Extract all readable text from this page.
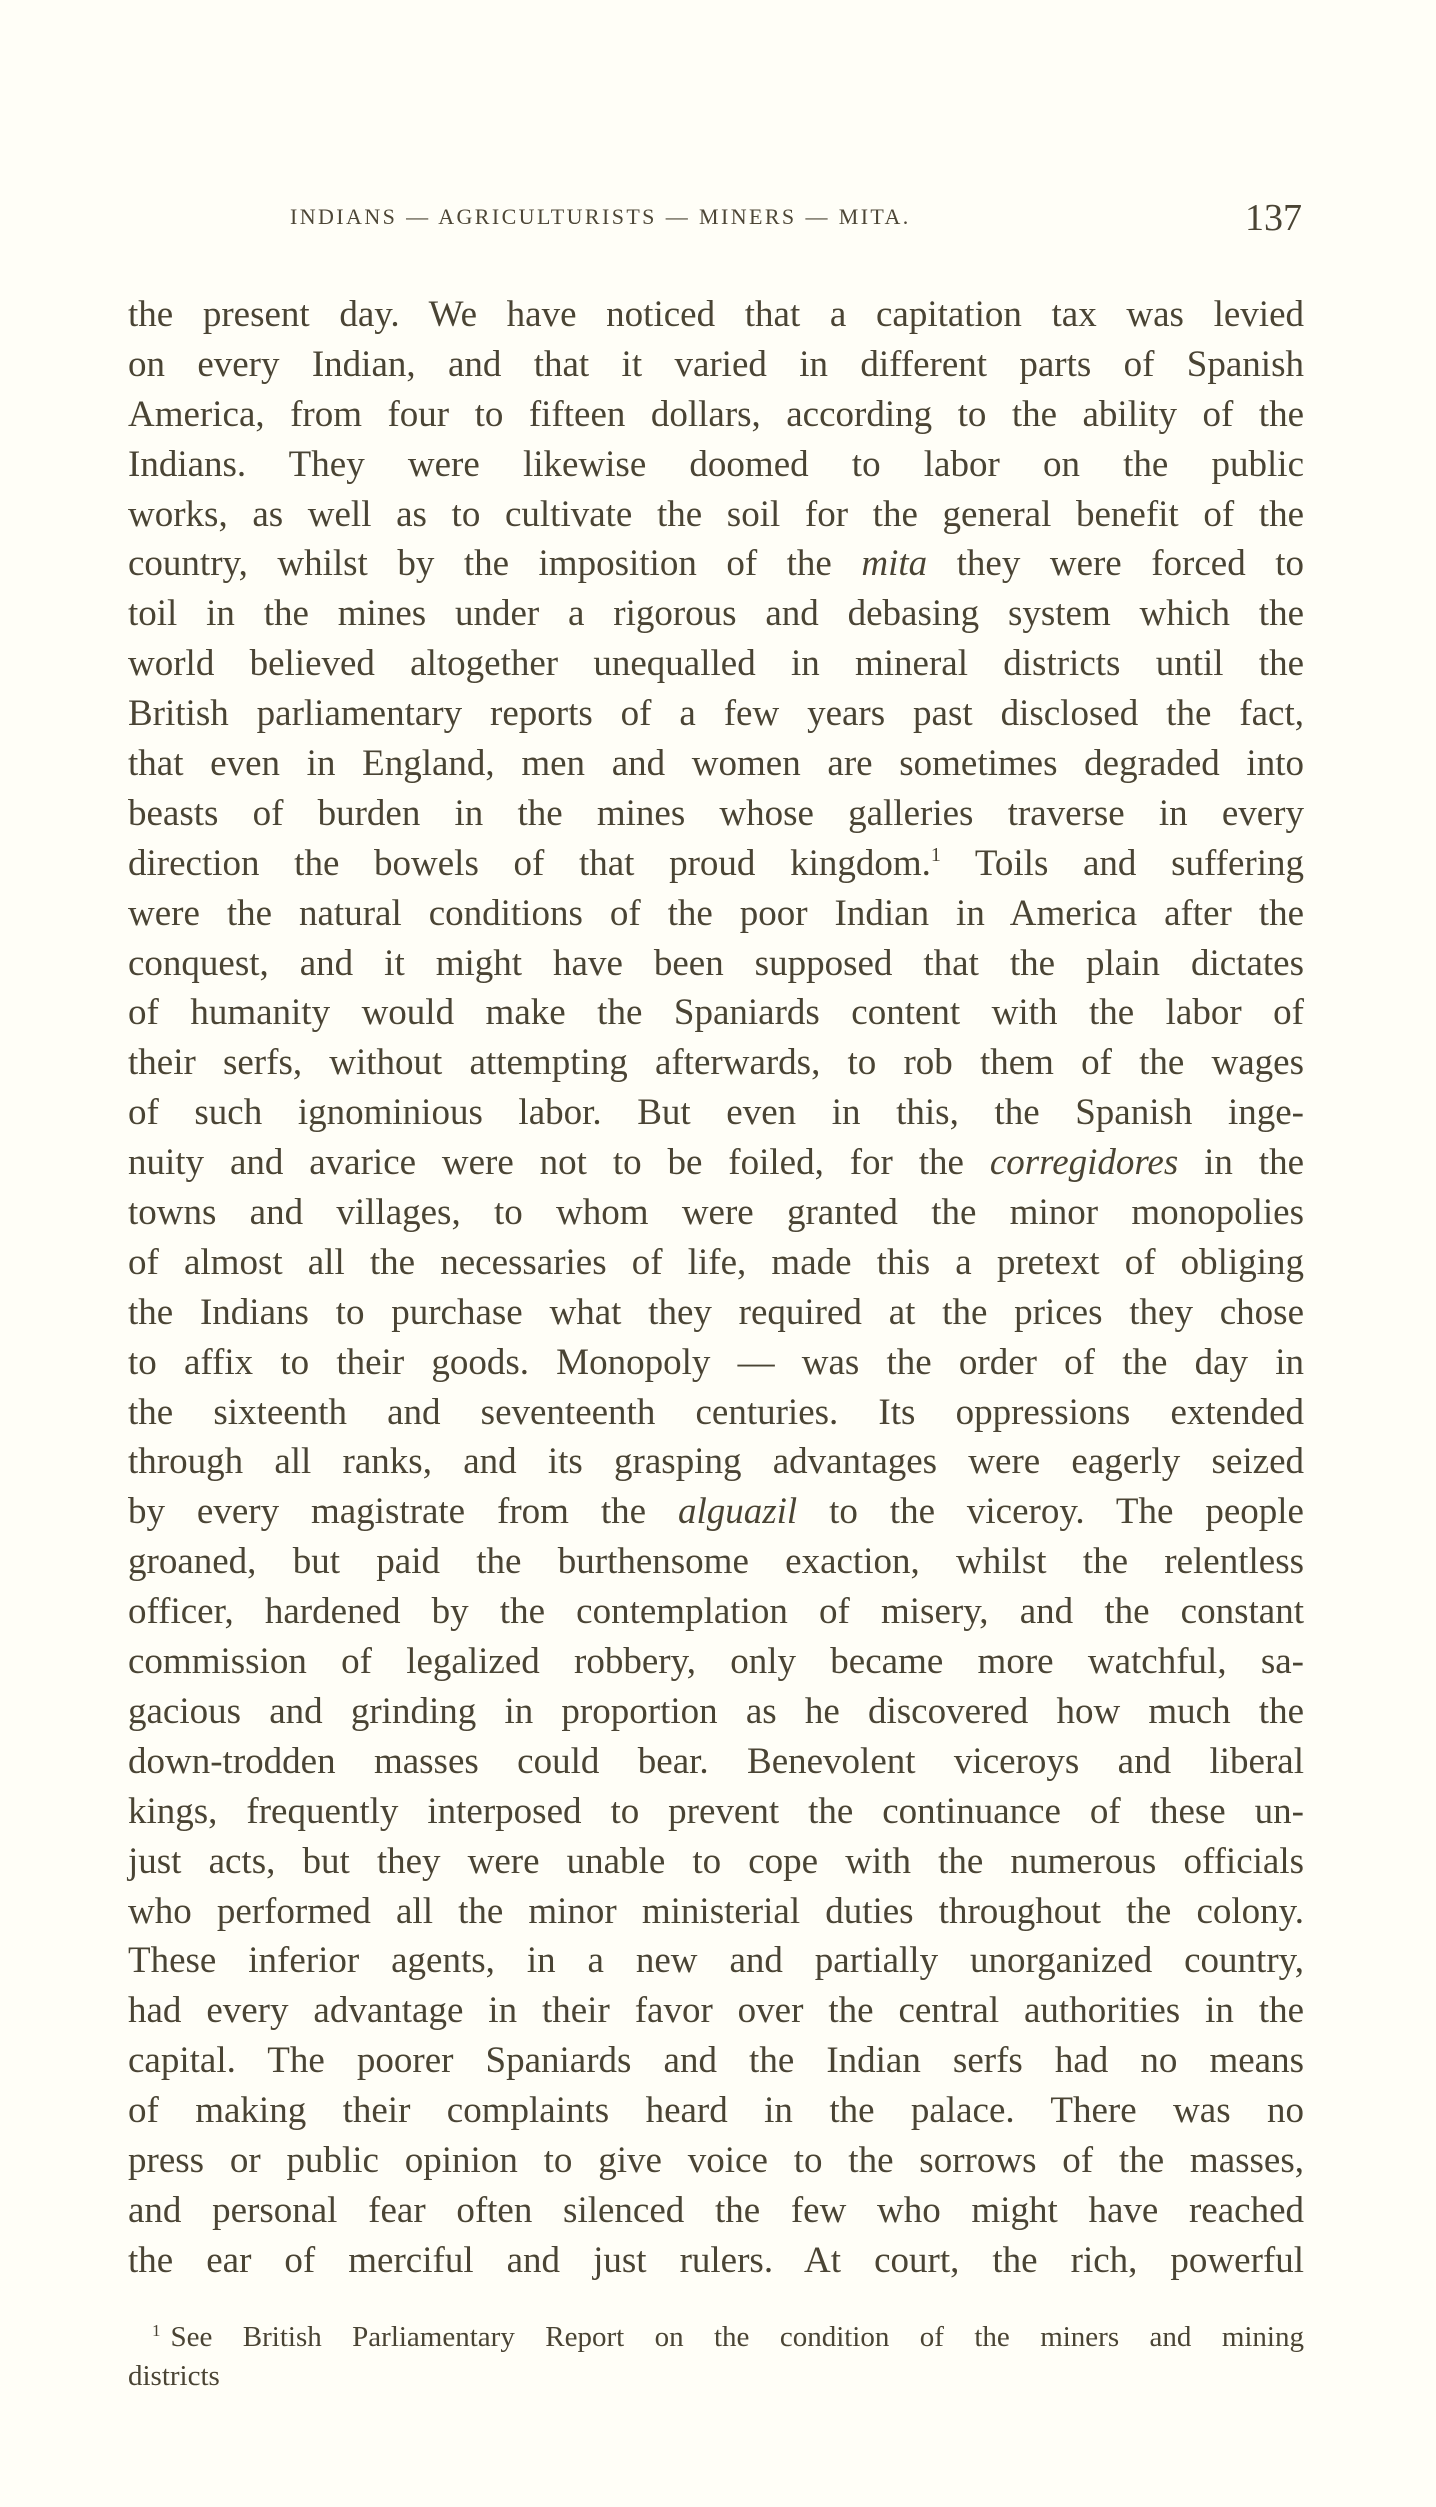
INDIANS — AGRICULTURISTS — MINERS — MITA.	137
the present day. We have noticed that a capitation tax was levied
on every Indian, and that it varied in different parts of Spanish
America, from four to fifteen dollars, according to the ability of the
Indians. They were likewise doomed to labor on the public
works, as well as to cultivate the soil for the general benefit of the
country, whilst by the imposition of the mita they were forced to
toil in the mines under a rigorous and debasing system which the
world believed altogether unequalled in mineral districts until the
British parliamentary reports of a few years past disclosed the fact,
that even in England, men and women are sometimes degraded into
beasts of burden in the mines whose galleries traverse in every
direction the bowels of that proud kingdom.$^1$ Toils and suffering
were the natural conditions of the poor Indian in America after the
conquest, and it might have been supposed that the plain dictates
of humanity would make the Spaniards content with the labor of
their serfs, without attempting afterwards, to rob them of the wages
of such ignominious labor. But even in this, the Spanish inge-
nuity and avarice were not to be foiled, for the corregidores in the
towns and villages, to whom were granted the minor monopolies
of almost all the necessaries of life, made this a pretext of obliging
the Indians to purchase what they required at the prices they chose
to affix to their goods. Monopoly — was the order of the day in
the sixteenth and seventeenth centuries. Its oppressions extended
through all ranks, and its grasping advantages were eagerly seized
by every magistrate from the alguazil to the viceroy. The people
groaned, but paid the burthensome exaction, whilst the relentless
officer, hardened by the contemplation of misery, and the constant
commission of legalized robbery, only became more watchful, sa-
gacious and grinding in proportion as he discovered how much the
down-trodden masses could bear. Benevolent viceroys and liberal
kings, frequently interposed to prevent the continuance of these un-
just acts, but they were unable to cope with the numerous officials
who performed all the minor ministerial duties throughout the colony.
These inferior agents, in a new and partially unorganized country,
had every advantage in their favor over the central authorities in the
capital. The poorer Spaniards and the Indian serfs had no means
of making their complaints heard in the palace. There was no
press or public opinion to give voice to the sorrows of the masses,
and personal fear often silenced the few who might have reached
the ear of merciful and just rulers. At court, the rich, powerful
$^1$ See British Parliamentary Report on the condition of the miners and mining
districts
